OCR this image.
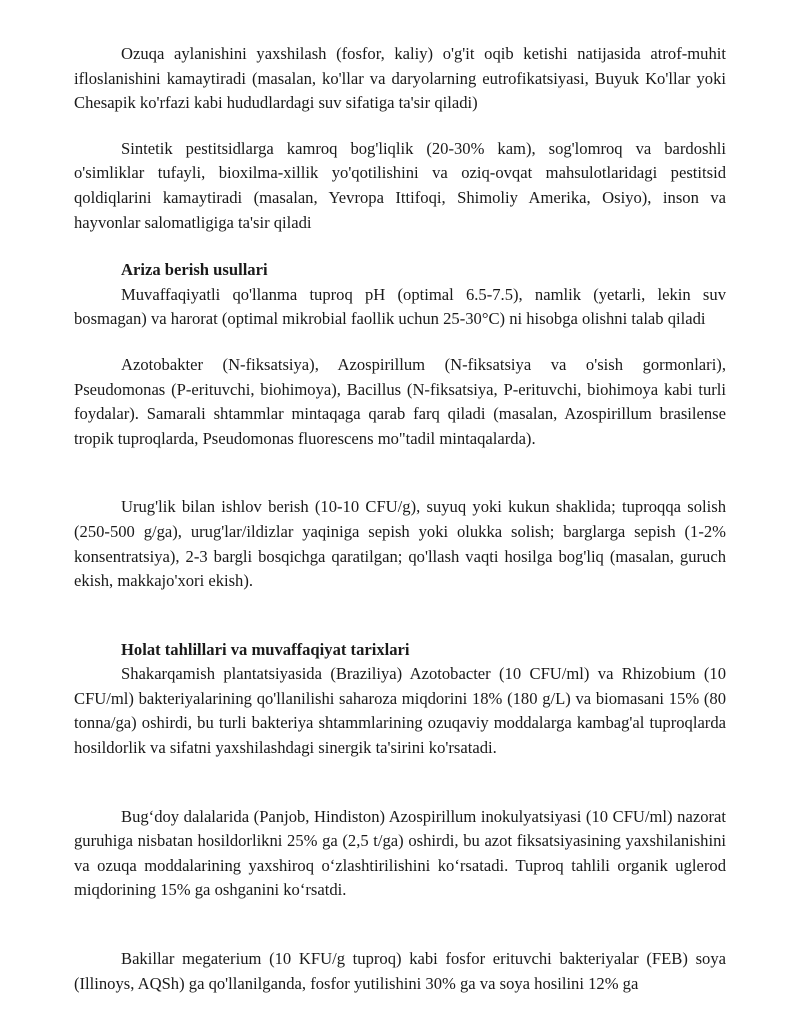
Ozuqa aylanishini yaxshilash (fosfor, kaliy) o'g'it oqib ketishi natijasida atrof-muhit ifloslanishini kamaytiradi (masalan, ko'llar va daryolarning eutrofikatsiyasi, Buyuk Ko'llar yoki Chesapik ko'rfazi kabi hududlardagi suv sifatiga ta'sir qiladi)

Sintetik pestitsidlarga kamroq bog'liqlik (20-30% kam), sog'lomroq va bardoshli o'simliklar tufayli, bioxilma-xillik yo'qotilishini va oziq-ovqat mahsulotlaridagi pestitsid qoldiqlarini kamaytiradi (masalan, Yevropa Ittifoqi, Shimoliy Amerika, Osiyo), inson va hayvonlar salomatligiga ta'sir qiladi

Ariza berish usullari

Muvaffaqiyatli qo'llanma tuproq pH (optimal 6.5-7.5), namlik (yetarli, lekin suv bosmagan) va harorat (optimal mikrobial faollik uchun 25-30°C) ni hisobga olishni talab qiladi

Azotobakter (N-fiksatsiya), Azospirillum (N-fiksatsiya va o'sish gormonlari), Pseudomonas (P-erituvchi, biohimoya), Bacillus (N-fiksatsiya, P-erituvchi, biohimoya kabi turli foydalar). Samarali shtammlar mintaqaga qarab farq qiladi (masalan, Azospirillum brasilense tropik tuproqlarda, Pseudomonas fluorescens mo"tadil mintaqalarda).

Urug'lik bilan ishlov berish (10-10 CFU/g), suyuq yoki kukun shaklida; tuproqqa solish (250-500 g/ga), urug'lar/ildizlar yaqiniga sepish yoki olukka solish; barglarga sepish (1-2% konsentratsiya), 2-3 bargli bosqichga qaratilgan; qo'llash vaqti hosilga bog'liq (masalan, guruch ekish, makkajo'xori ekish).

Holat tahlillari va muvaffaqiyat tarixlari

Shakarqamish plantatsiyasida (Braziliya) Azotobacter (10 CFU/ml) va Rhizobium (10 CFU/ml) bakteriyalarining qo'llanilishi saharoza miqdorini 18% (180 g/L) va biomasani 15% (80 tonna/ga) oshirdi, bu turli bakteriya shtammlarining ozuqaviy moddalarga kambag'al tuproqlarda hosildorlik va sifatni yaxshilashdagi sinergik ta'sirini ko'rsatadi.

Bug‘doy dalalarida (Panjob, Hindiston) Azospirillum inokulyatsiyasi (10 CFU/ml) nazorat guruhiga nisbatan hosildorlikni 25% ga (2,5 t/ga) oshirdi, bu azot fiksatsiyasining yaxshilanishini va ozuqa moddalarining yaxshiroq o‘zlashtirilishini ko‘rsatadi. Tuproq tahlili organik uglerod miqdorining 15% ga oshganini ko‘rsatdi.

Bakillar megaterium (10 KFU/g tuproq) kabi fosfor erituvchi bakteriyalar (FEB) soya (Illinoys, AQSh) ga qo'llanilganda, fosfor yutilishini 30% ga va soya hosilini 12% ga
